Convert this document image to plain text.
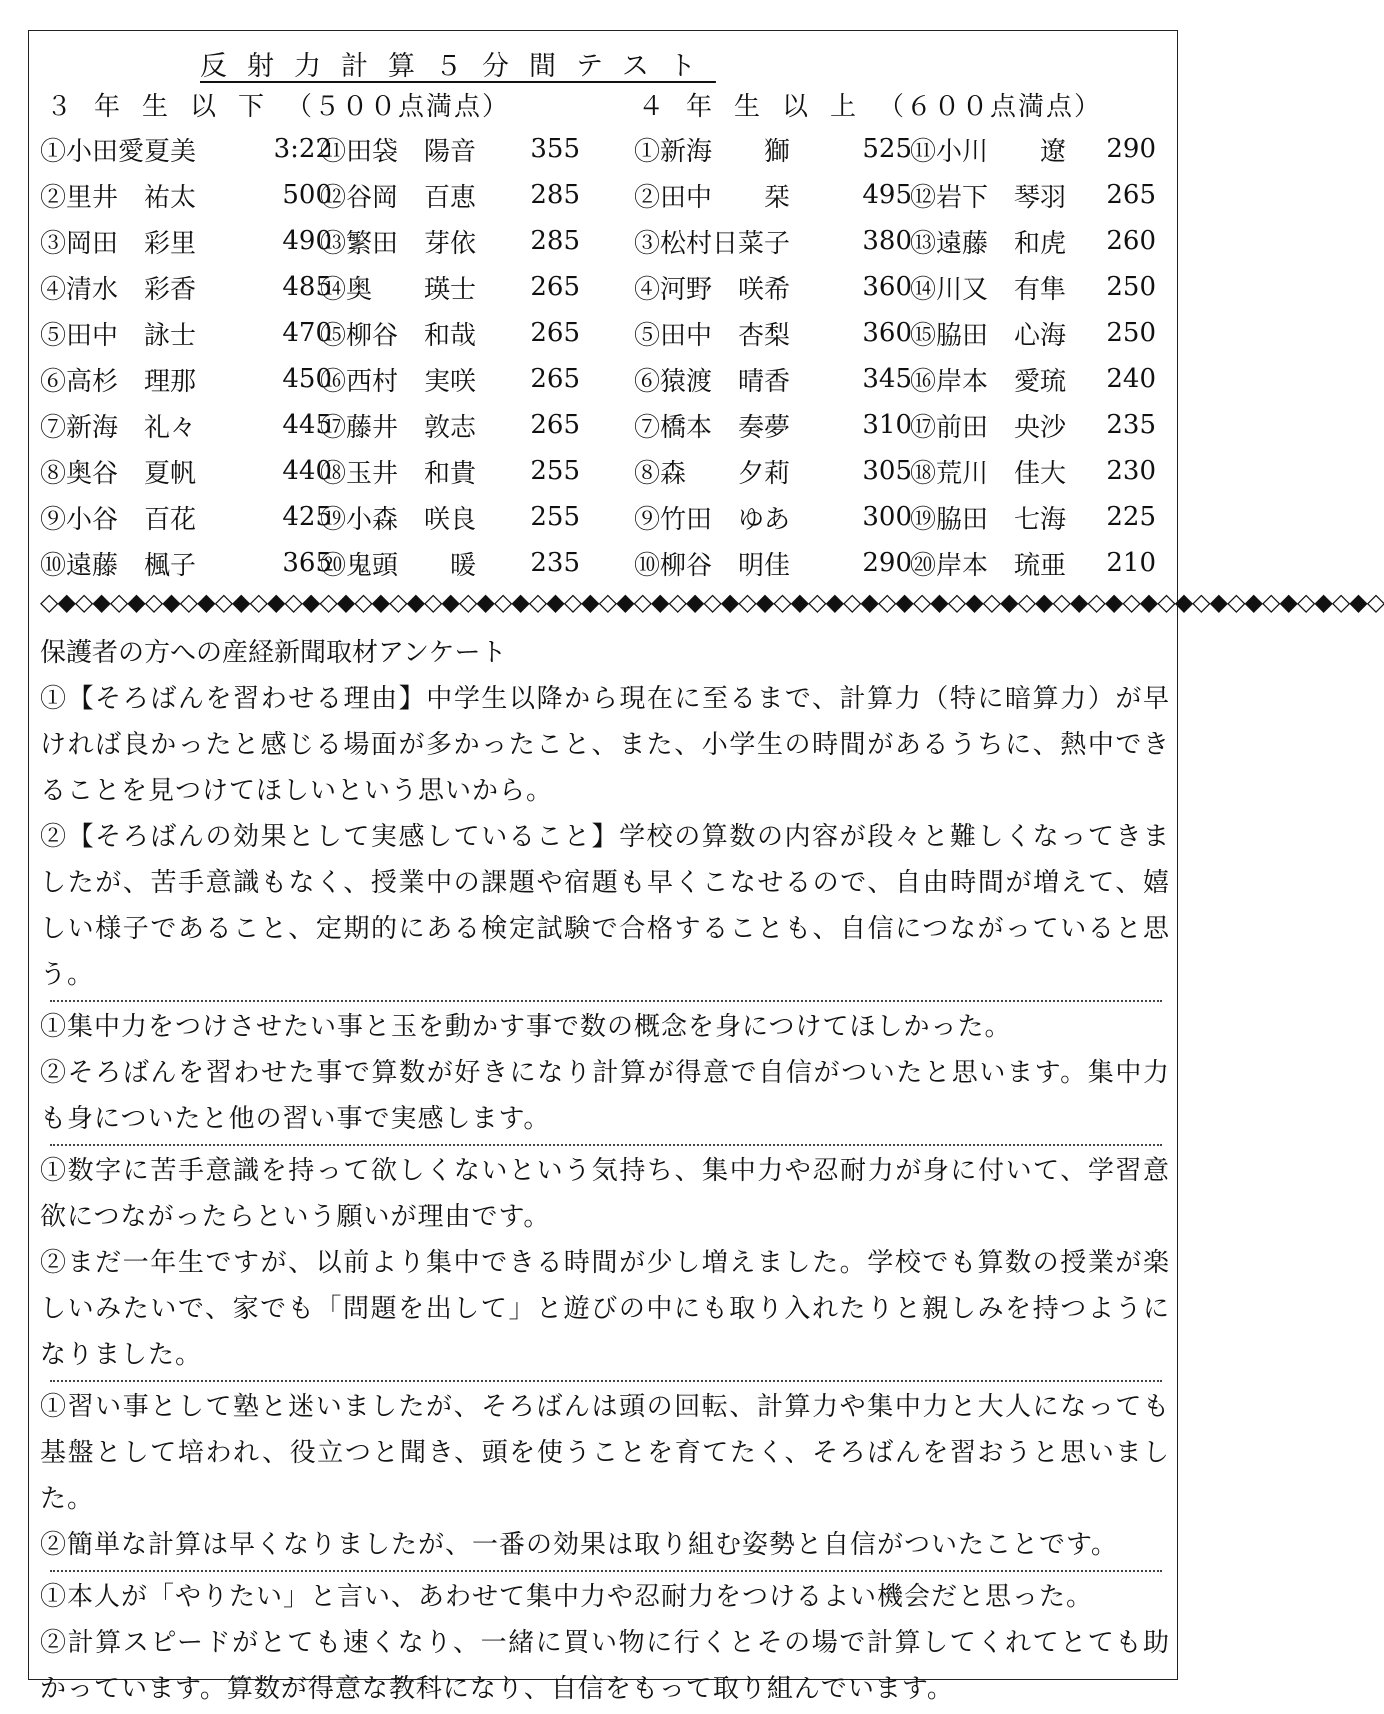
反射力計算５分間テスト
３年生以下（５００点満点）	４年生以上（６００点満点）
①小田愛夏美	3:22
②里井　祐太	500
③岡田　彩里	490
④清水　彩香	485
⑤田中　詠士	470
⑥高杉　理那	450
⑦新海　礼々	445
⑧奥谷　夏帆	440
⑨小谷　百花	425
⑩遠藤　楓子	365
⑪田袋　陽音	355
⑫谷岡　百恵	285
⑬繁田　芽依	285
⑭奥　　瑛士	265
⑮柳谷　和哉	265
⑯西村　実咲	265
⑰藤井　敦志	265
⑱玉井　和貴	255
⑲小森　咲良	255
⑳鬼頭　　暖	235
①新海　　獅	525
②田中　　栞	495
③松村日菜子	380
④河野　咲希	360
⑤田中　杏梨	360
⑥猿渡　晴香	345
⑦橋本　奏夢	310
⑧森　　夕莉	305
⑨竹田　ゆあ	300
⑩柳谷　明佳	290
⑪小川　　遼	290
⑫岩下　琴羽	265
⑬遠藤　和虎	260
⑭川又　有隼	250
⑮脇田　心海	250
⑯岸本　愛琉	240
⑰前田　央沙	235
⑱荒川　佳大	230
⑲脇田　七海	225
⑳岸本　琉亜	210
◇◆◇◆◇◆◇◆◇◆◇◆◇◆◇◆◇◆◇◆◇◆◇◆◇◆◇◆◇◆◇◆◇◆◇◆◇◆◇◆◇◆◇◆◇◆◇◆◇◆◇◆◇◆◇◆◇◆◇◆◇◆◇◆◇◆◇◆◇◆◇◆◇◆◇◆◇
保護者の方への産経新聞取材アンケート

①【そろばんを習わせる理由】中学生以降から現在に至るまで、計算力（特に暗算力）が早ければ良かったと感じる場面が多かったこと、また、小学生の時間があるうちに、熱中できることを見つけてほしいという思いから。

②【そろばんの効果として実感していること】学校の算数の内容が段々と難しくなってきましたが、苦手意識もなく、授業中の課題や宿題も早くこなせるので、自由時間が増えて、嬉しい様子であること、定期的にある検定試験で合格することも、自信につながっていると思う。

①集中力をつけさせたい事と玉を動かす事で数の概念を身につけてほしかった。

②そろばんを習わせた事で算数が好きになり計算が得意で自信がついたと思います。集中力も身についたと他の習い事で実感します。

①数字に苦手意識を持って欲しくないという気持ち、集中力や忍耐力が身に付いて、学習意欲につながったらという願いが理由です。

②まだ一年生ですが、以前より集中できる時間が少し増えました。学校でも算数の授業が楽しいみたいで、家でも「問題を出して」と遊びの中にも取り入れたりと親しみを持つようになりました。

①習い事として塾と迷いましたが、そろばんは頭の回転、計算力や集中力と大人になっても基盤として培われ、役立つと聞き、頭を使うことを育てたく、そろばんを習おうと思いました。

②簡単な計算は早くなりましたが、一番の効果は取り組む姿勢と自信がついたことです。

①本人が「やりたい」と言い、あわせて集中力や忍耐力をつけるよい機会だと思った。

②計算スピードがとても速くなり、一緒に買い物に行くとその場で計算してくれてとても助かっています。算数が得意な教科になり、自信をもって取り組んでいます。
